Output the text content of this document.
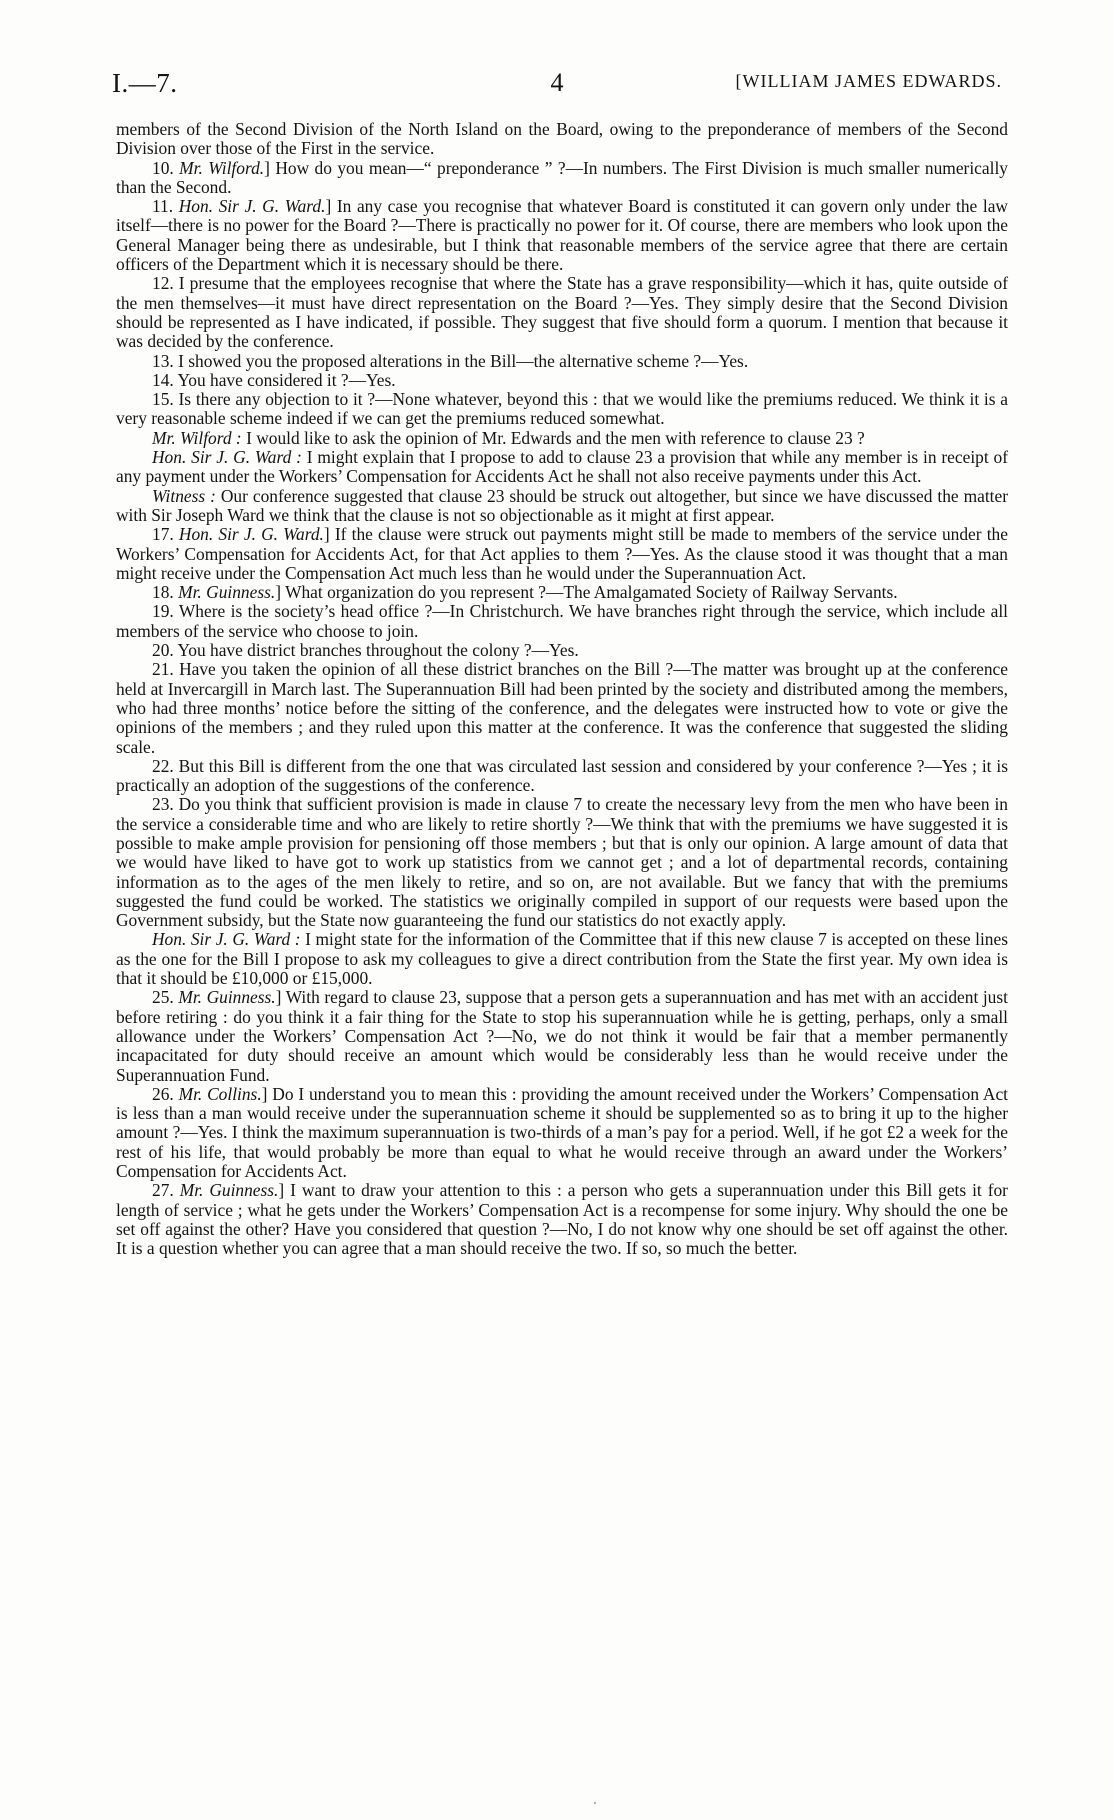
I.—7.	4	[WILLIAM JAMES EDWARDS.

members of the Second Division of the North Island on the Board, owing to the preponderance of members of the Second Division over those of the First in the service.

10. Mr. Wilford.] How do you mean—“ preponderance ” ?—In numbers. The First Division is much smaller numerically than the Second.

11. Hon. Sir J. G. Ward.] In any case you recognise that whatever Board is constituted it can govern only under the law itself—there is no power for the Board ?—There is practically no power for it. Of course, there are members who look upon the General Manager being there as undesirable, but I think that reasonable members of the service agree that there are certain officers of the Department which it is necessary should be there.

12. I presume that the employees recognise that where the State has a grave responsibility—which it has, quite outside of the men themselves—it must have direct representation on the Board ?—Yes. They simply desire that the Second Division should be represented as I have indicated, if possible. They suggest that five should form a quorum. I mention that because it was decided by the conference.

13. I showed you the proposed alterations in the Bill—the alternative scheme ?—Yes.

14. You have considered it ?—Yes.

15. Is there any objection to it ?—None whatever, beyond this : that we would like the premiums reduced. We think it is a very reasonable scheme indeed if we can get the premiums reduced somewhat.

Mr. Wilford : I would like to ask the opinion of Mr. Edwards and the men with reference to clause 23 ?

Hon. Sir J. G. Ward : I might explain that I propose to add to clause 23 a provision that while any member is in receipt of any payment under the Workers’ Compensation for Accidents Act he shall not also receive payments under this Act.

Witness : Our conference suggested that clause 23 should be struck out altogether, but since we have discussed the matter with Sir Joseph Ward we think that the clause is not so objectionable as it might at first appear.

17. Hon. Sir J. G. Ward.] If the clause were struck out payments might still be made to members of the service under the Workers’ Compensation for Accidents Act, for that Act applies to them ?—Yes. As the clause stood it was thought that a man might receive under the Compensation Act much less than he would under the Superannuation Act.

18. Mr. Guinness.] What organization do you represent ?—The Amalgamated Society of Railway Servants.

19. Where is the society’s head office ?—In Christchurch. We have branches right through the service, which include all members of the service who choose to join.

20. You have district branches throughout the colony ?—Yes.

21. Have you taken the opinion of all these district branches on the Bill ?—The matter was brought up at the conference held at Invercargill in March last. The Superannuation Bill had been printed by the society and distributed among the members, who had three months’ notice before the sitting of the conference, and the delegates were instructed how to vote or give the opinions of the members ; and they ruled upon this matter at the conference. It was the conference that suggested the sliding scale.

22. But this Bill is different from the one that was circulated last session and considered by your conference ?—Yes ; it is practically an adoption of the suggestions of the conference.

23. Do you think that sufficient provision is made in clause 7 to create the necessary levy from the men who have been in the service a considerable time and who are likely to retire shortly ?—We think that with the premiums we have suggested it is possible to make ample provision for pensioning off those members ; but that is only our opinion. A large amount of data that we would have liked to have got to work up statistics from we cannot get ; and a lot of departmental records, containing information as to the ages of the men likely to retire, and so on, are not available. But we fancy that with the premiums suggested the fund could be worked. The statistics we originally compiled in support of our requests were based upon the Government subsidy, but the State now guaranteeing the fund our statistics do not exactly apply.

Hon. Sir J. G. Ward : I might state for the information of the Committee that if this new clause 7 is accepted on these lines as the one for the Bill I propose to ask my colleagues to give a direct contribution from the State the first year. My own idea is that it should be £10,000 or £15,000.

25. Mr. Guinness.] With regard to clause 23, suppose that a person gets a superannuation and has met with an accident just before retiring : do you think it a fair thing for the State to stop his superannuation while he is getting, perhaps, only a small allowance under the Workers’ Compensation Act ?—No, we do not think it would be fair that a member permanently incapacitated for duty should receive an amount which would be considerably less than he would receive under the Superannuation Fund.

26. Mr. Collins.] Do I understand you to mean this : providing the amount received under the Workers’ Compensation Act is less than a man would receive under the superannuation scheme it should be supplemented so as to bring it up to the higher amount ?—Yes. I think the maximum superannuation is two-thirds of a man’s pay for a period. Well, if he got £2 a week for the rest of his life, that would probably be more than equal to what he would receive through an award under the Workers’ Compensation for Accidents Act.

27. Mr. Guinness.] I want to draw your attention to this : a person who gets a superannuation under this Bill gets it for length of service ; what he gets under the Workers’ Compensation Act is a recompense for some injury. Why should the one be set off against the other? Have you considered that question ?—No, I do not know why one should be set off against the other. It is a question whether you can agree that a man should receive the two. If so, so much the better.
